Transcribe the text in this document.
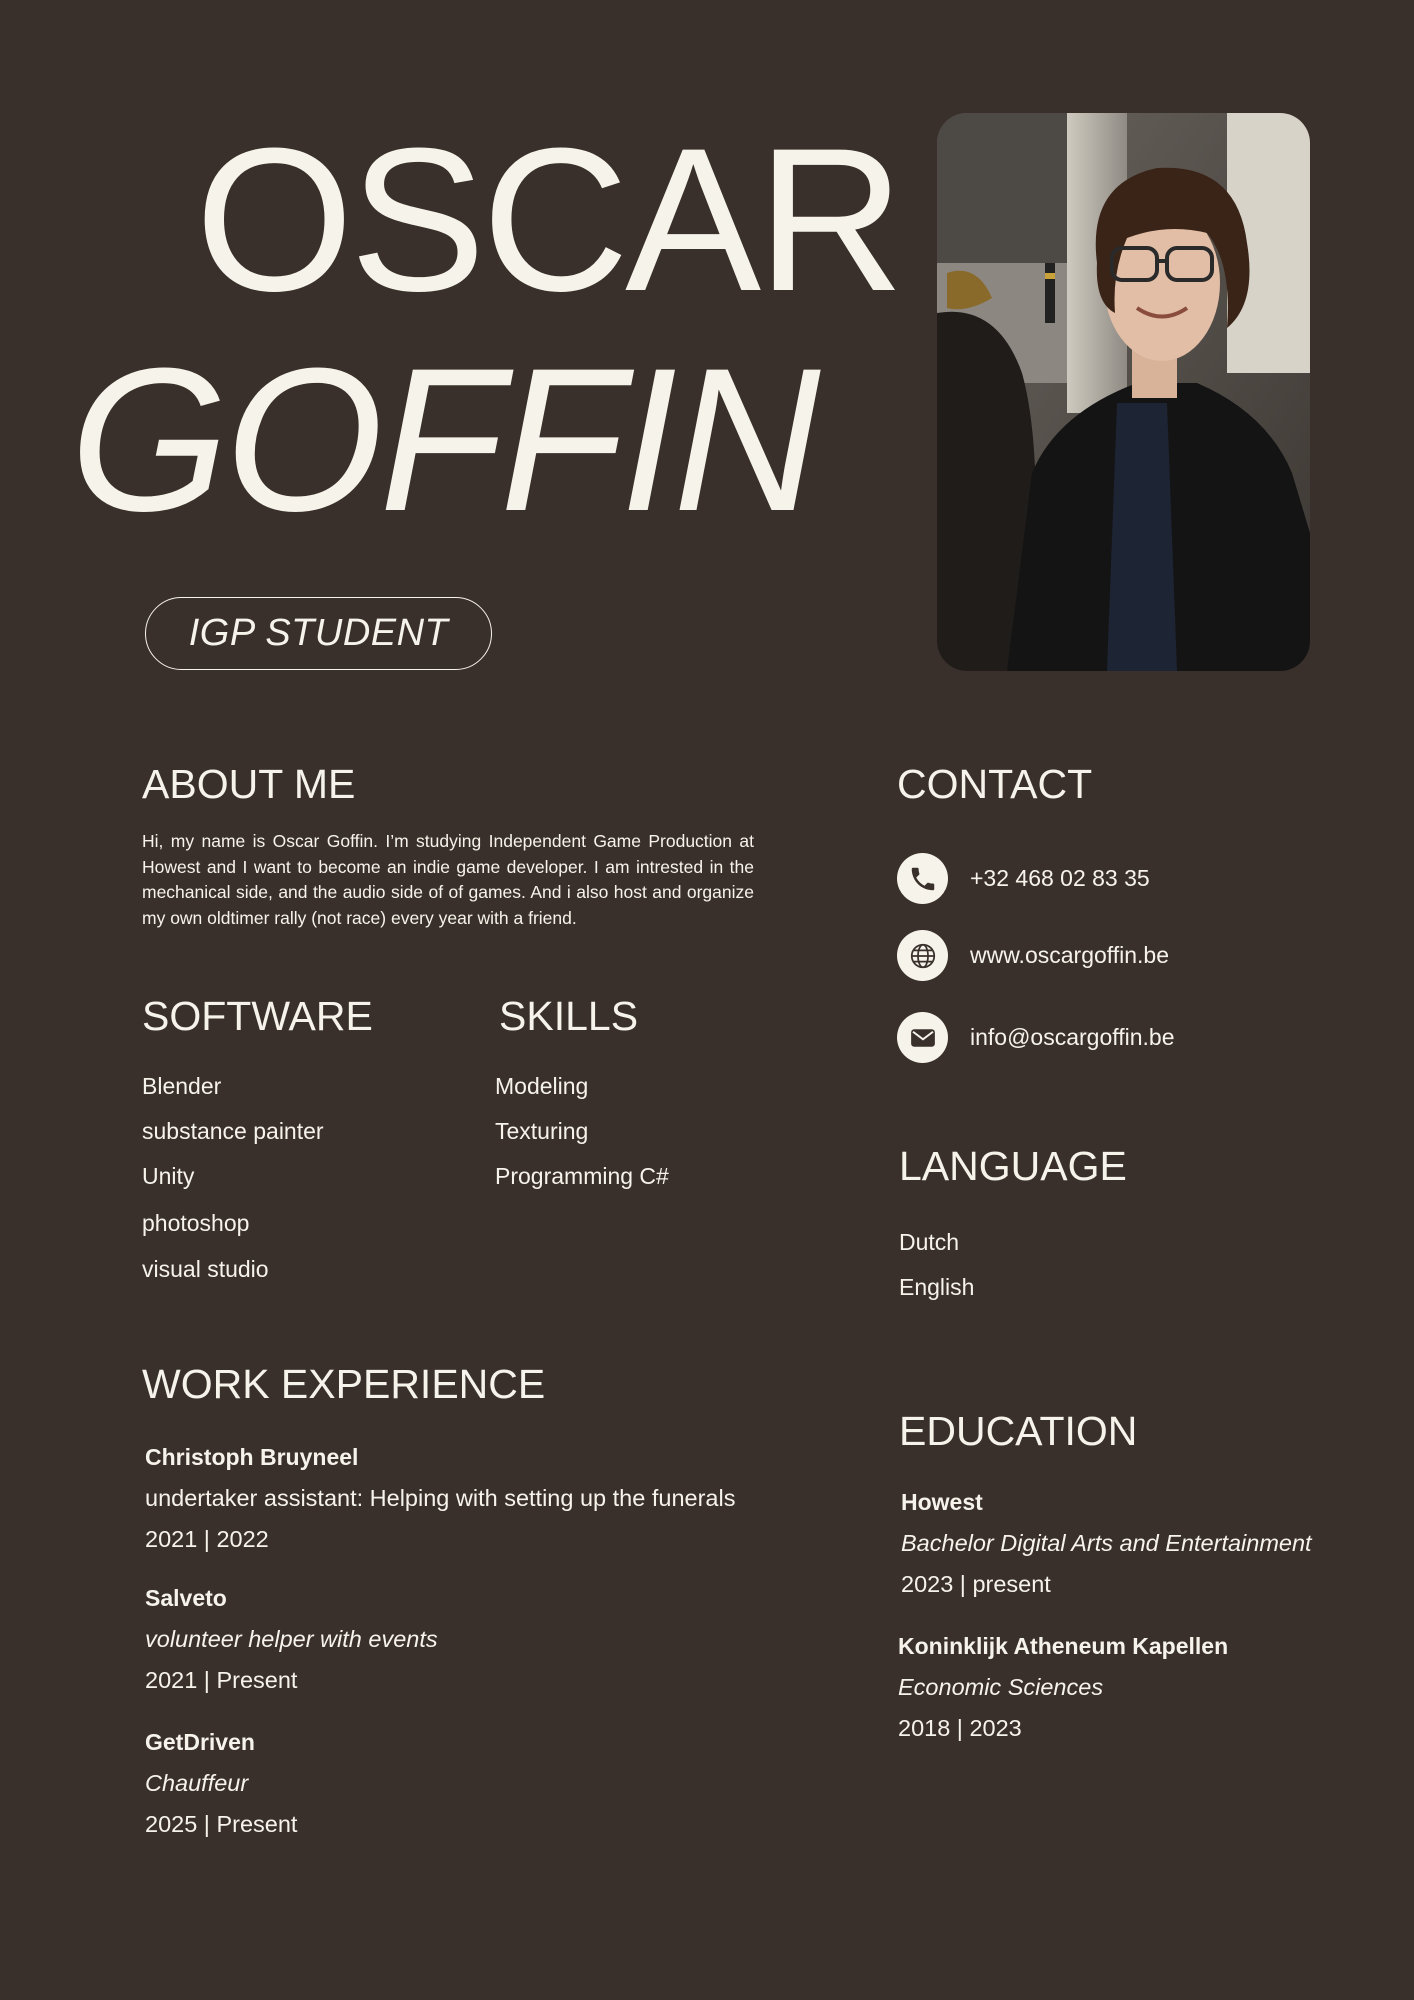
OSCAR
GOFFIN
IGP STUDENT
ABOUT ME
Hi, my name is Oscar Goffin. I’m studying Independent Game Production at Howest and I want to become an indie game developer. I am intrested in the mechanical side, and the audio side of of games. And i also host and organize my own oldtimer rally (not race) every year with a friend.
SOFTWARE
Blender
substance painter
Unity
photoshop
visual studio
SKILLS
Modeling
Texturing
Programming C#
CONTACT
+32 468 02 83 35
www.oscargoffin.be
info@oscargoffin.be
LANGUAGE
Dutch
English
WORK EXPERIENCE
Christoph Bruyneel
undertaker assistant: Helping with setting up the funerals
2021 | 2022
Salveto
volunteer helper with events
2021 | Present
GetDriven
Chauffeur
2025 | Present
EDUCATION
Howest
Bachelor Digital Arts and Entertainment
2023 | present
Koninklijk Atheneum Kapellen
Economic Sciences
2018 | 2023
